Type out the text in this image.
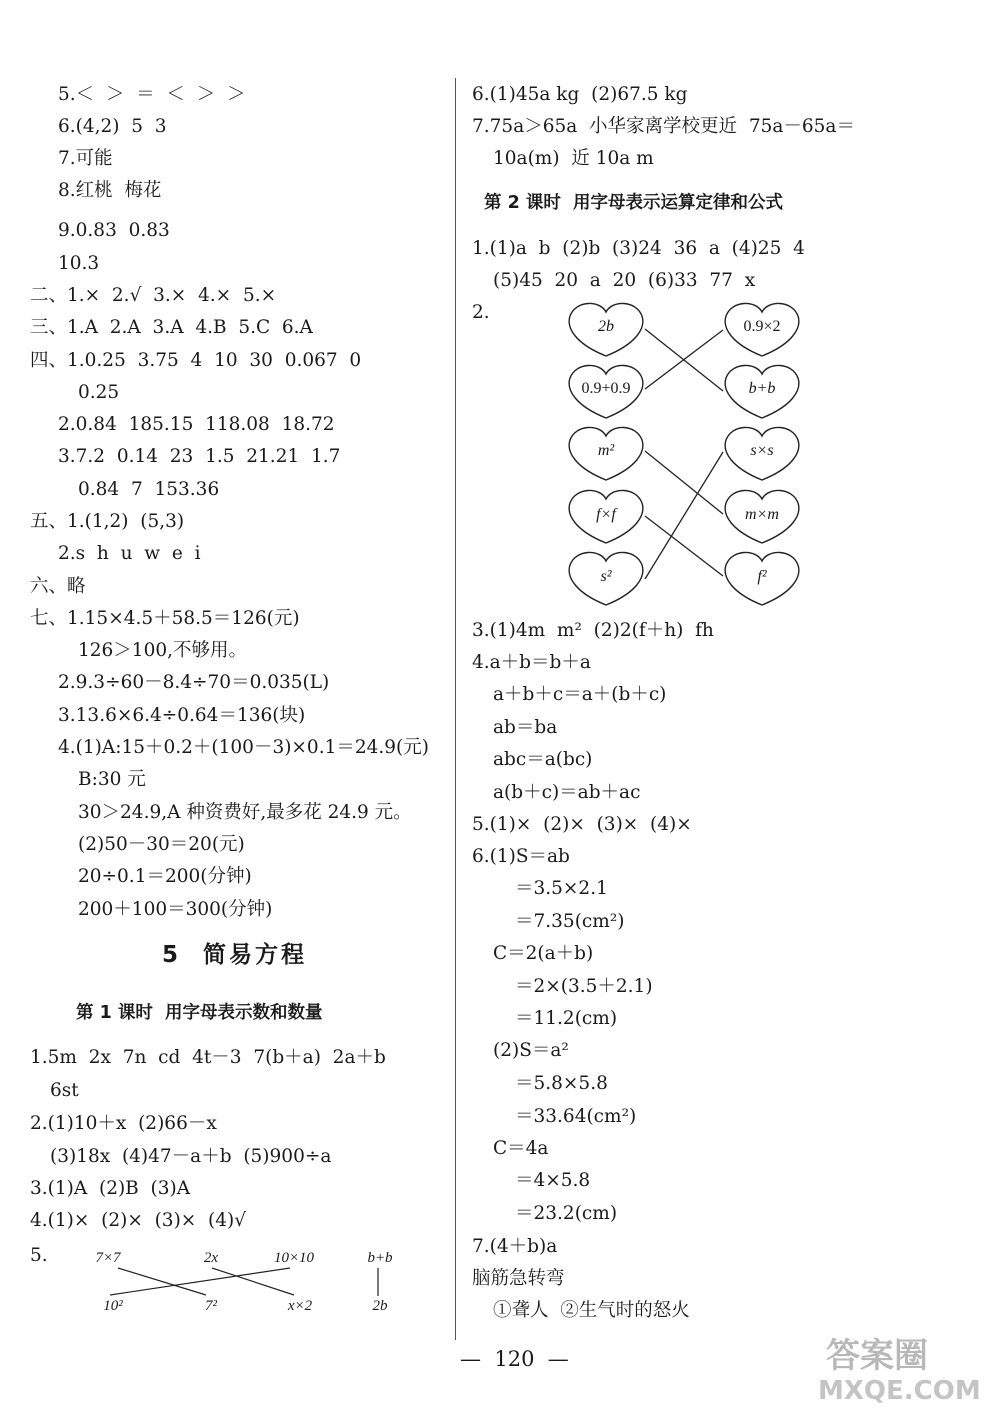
5.＜  ＞  ＝  ＜  ＞  ＞
6.(4,2)  5  3
7.可能
8.红桃  梅花
9.0.83  0.83
10.3
二、1.×  2.√  3.×  4.×  5.×
三、1.A  2.A  3.A  4.B  5.C  6.A
四、1.0.25  3.75  4  10  30  0.067  0
0.25
2.0.84  185.15  118.08  18.72
3.7.2  0.14  23  1.5  21.21  1.7
0.84  7  153.36
五、1.(1,2)  (5,3)
2.s  h  u  w  e  i
六、略
七、1.15×4.5＋58.5＝126(元)
126＞100,不够用。
2.9.3÷60－8.4÷70＝0.035(L)
3.13.6×6.4÷0.64＝136(块)
4.(1)A:15＋0.2＋(100－3)×0.1＝24.9(元)
B:30 元
30＞24.9,A 种资费好,最多花 24.9 元。
(2)50－30＝20(元)
20÷0.1＝200(分钟)
200＋100＝300(分钟)
5  简易方程
第 1 课时  用字母表示数和数量
1.5m  2x  7n  cd  4t－3  7(b＋a)  2a＋b
6st
2.(1)10＋x  (2)66－x
(3)18x  (4)47－a＋b  (5)900÷a
3.(1)A  (2)B  (3)A
4.(1)×  (2)×  (3)×  (4)√
5.	7×7	2x	10×10	b+b
10²	7²	x×2	2b
6.(1)45a kg  (2)67.5 kg
7.75a＞65a  小华家离学校更近  75a－65a＝
10a(m)  近 10a m
第 2 课时  用字母表示运算定律和公式
1.(1)a  b  (2)b  (3)24  36  a  (4)25  4
(5)45  20  a  20  (6)33  77  x
2.
2b
0.9+0.9
m²
f×f
s²
0.9×2
b+b
s×s
m×m
f²
3.(1)4m  m²  (2)2(f＋h)  fh
4.a＋b＝b＋a
a＋b＋c＝a＋(b＋c)
ab＝ba
abc＝a(bc)
a(b＋c)＝ab＋ac
5.(1)×  (2)×  (3)×  (4)×
6.(1)S＝ab
＝3.5×2.1
＝7.35(cm²)
C＝2(a＋b)
＝2×(3.5＋2.1)
＝11.2(cm)
(2)S＝a²
＝5.8×5.8
＝33.64(cm²)
C＝4a
＝4×5.8
＝23.2(cm)
7.(4＋b)a
脑筋急转弯
①聋人  ②生气时的怒火
—  120  —	答案圈
MXQE.COM
